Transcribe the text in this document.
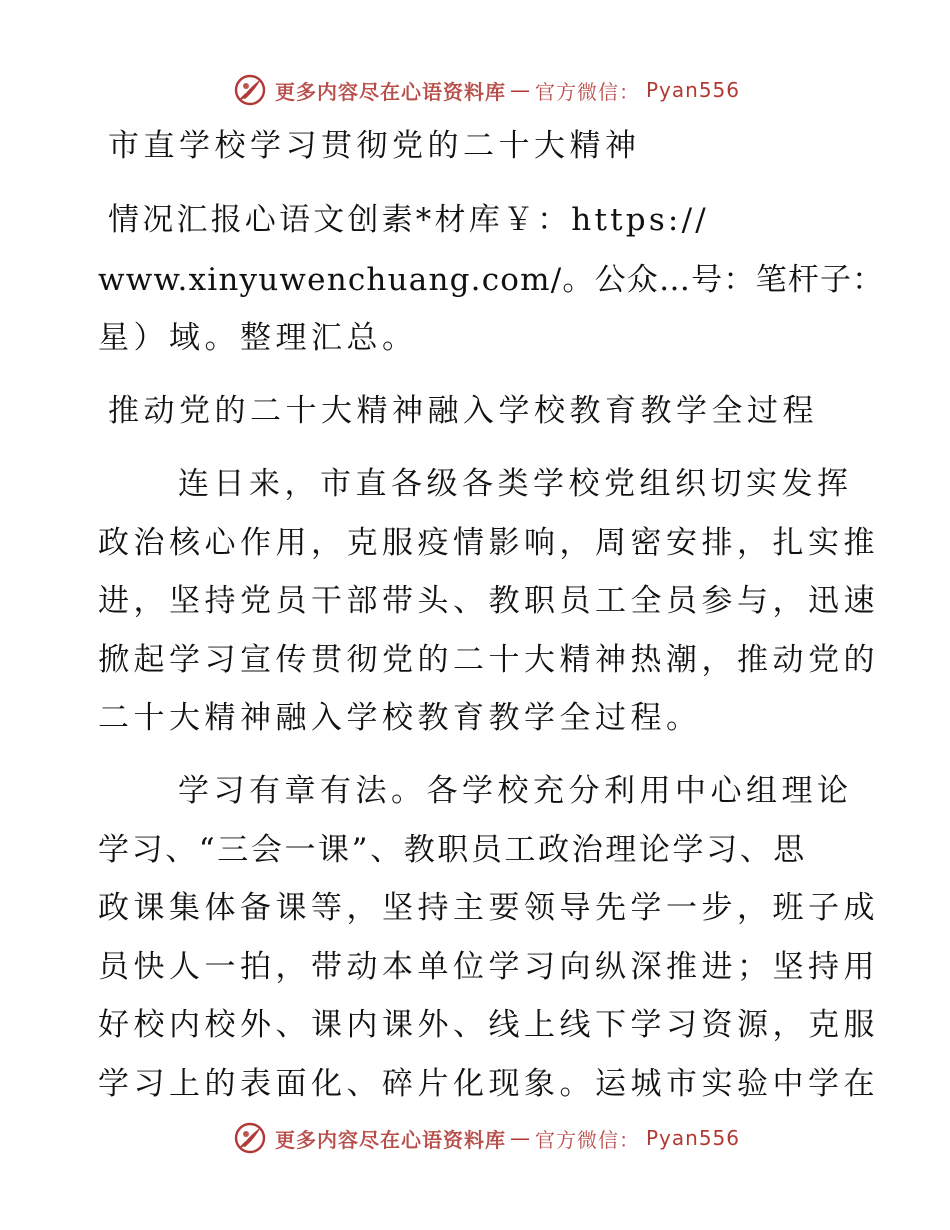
更多内容尽在心语资料库 — 官方微信： Pyan556
市直学校学习贯彻党的二十大精神
情况汇报心语文创素*材库￥：https://
www.xinyuwenchuang.com/。公众…号：笔杆子：
星）域。整理汇总。
推动党的二十大精神融入学校教育教学全过程
连日来，市直各级各类学校党组织切实发挥
政治核心作用，克服疫情影响，周密安排，扎实推
进，坚持党员干部带头、教职员工全员参与，迅速
掀起学习宣传贯彻党的二十大精神热潮，推动党的
二十大精神融入学校教育教学全过程。
学习有章有法。各学校充分利用中心组理论
学习、“三会一课”、教职员工政治理论学习、思
政课集体备课等，坚持主要领导先学一步，班子成
员快人一拍，带动本单位学习向纵深推进；坚持用
好校内校外、课内课外、线上线下学习资源，克服
学习上的表面化、碎片化现象。运城市实验中学在
更多内容尽在心语资料库 — 官方微信： Pyan556
